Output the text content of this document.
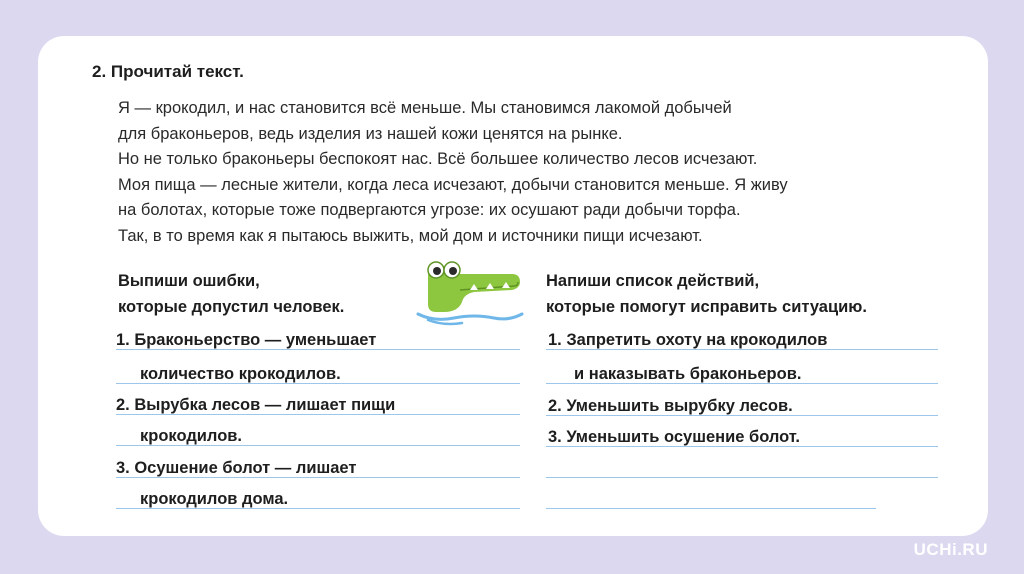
2. Прочитай текст.
Я — крокодил, и нас становится всё меньше. Мы становимся лакомой добычей
для браконьеров, ведь изделия из нашей кожи ценятся на рынке.
Но не только браконьеры беспокоят нас. Всё большее количество лесов исчезают.
Моя пища — лесные жители, когда леса исчезают, добычи становится меньше. Я живу
на болотах, которые тоже подвергаются угрозе: их осушают ради добычи торфа.
Так, в то время как я пытаюсь выжить, мой дом и источники пищи исчезают.
Выпиши ошибки,
которые допустил человек.
Напиши список действий,
которые помогут исправить ситуацию.
1. Браконьерство — уменьшает
количество крокодилов.
2. Вырубка лесов — лишает пищи
крокодилов.
3. Осушение болот — лишает
крокодилов дома.
1. Запретить охоту на крокодилов
и наказывать браконьеров.
2. Уменьшить вырубку лесов.
3. Уменьшить осушение болот.
UCHi.RU
